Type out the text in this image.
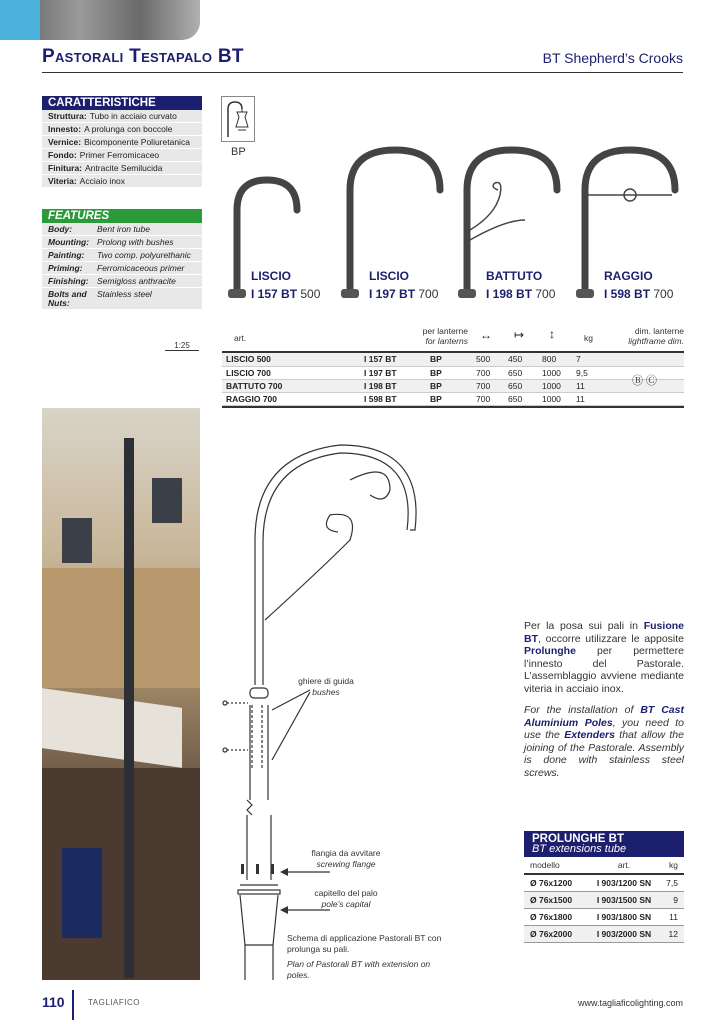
Pastorali Testapalo BT	BT Shepherd’s Crooks
CARATTERISTICHE
Struttura: Tubo in acciaio curvato
Innesto: A prolunga con boccole
Vernice: Bicomponente Poliuretanica
Fondo: Primer Ferromicaceo
Finitura: Antracite Semilucida
Viteria: Acciaio inox
FEATURES
Body:	Bent iron tube
Mounting: Prolong with bushes
Painting:	Two comp. polyurethanic
Priming:	Ferromicaceous primer
Finishing: Semigloss anthracite
Bolts and Nuts:
Stainless steel
BP
LISCIO
I 157 BT 500
LISCIO
I 197 BT 700
BATTUTO
I 198 BT 700
RAGGIO
I 598 BT 700
1:25
art.
per lanterne
for lanterns ↔ ↦ ↕	kg
dim. lanterne
lightframe dim.
LISCIO 500	I 157 BT	BP	500	450	800	7	
LISCIO 700	I 197 BT	BP	700	650	1000	9,5	
BATTUTO 700	I 198 BT	BP	700	650	1000	11	
RAGGIO 700	I 598 BT	BP	700	650	1000	11	
Ⓑ Ⓒ
ghiere di guida
bushes
flangia da avvitare
screwing flange
capitello del palo
pole’s capital
Schema di applicazione Pastorali BT con prolunga su pali.
Plan of Pastorali BT with extension on poles.
Per la posa sui pali in Fusione BT, occorre utilizzare le apposite Prolunghe per permettere l’innesto del Pastorale. L’assemblaggio avviene mediante viteria in acciaio inox.
For the installation of BT Cast Aluminium Poles, you need to use the Extenders that allow the joining of the Pastorale. Assembly is done with stainless steel screws.
PROLUNGHE BT
BT extensions tube
modello	art.	kg
Ø 76x1200	I 903/1200 SN	7,5
Ø 76x1500	I 903/1500 SN	9
Ø 76x1800	I 903/1800 SN	11
Ø 76x2000	I 903/2000 SN	12
110	TAGLIAFICO	www.tagliaficolighting.com
